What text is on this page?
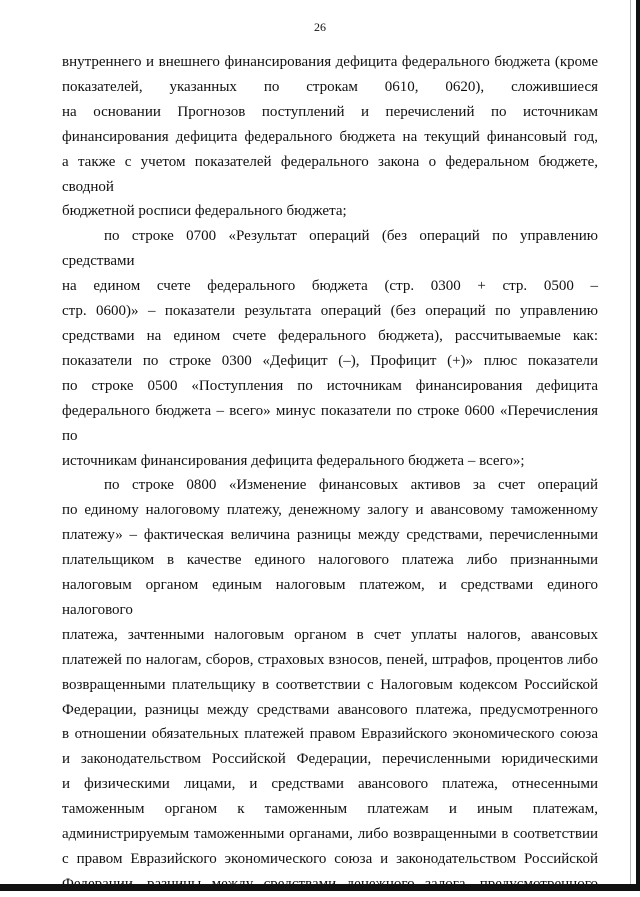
26
внутреннего и внешнего финансирования дефицита федерального бюджета (кроме
показателей, указанных по строкам 0610, 0620), сложившиеся
на основании Прогнозов поступлений и перечислений по источникам
финансирования дефицита федерального бюджета на текущий финансовый год,
а также с учетом показателей федерального закона о федеральном бюджете, сводной
бюджетной росписи федерального бюджета;
по строке 0700 «Результат операций (без операций по управлению средствами
на едином счете федерального бюджета (стр. 0300 + стр. 0500 –
стр. 0600)» – показатели результата операций (без операций по управлению
средствами на едином счете федерального бюджета), рассчитываемые как:
показатели по строке 0300 «Дефицит (–), Профицит (+)» плюс показатели
по строке 0500 «Поступления по источникам финансирования дефицита
федерального бюджета – всего» минус показатели по строке 0600 «Перечисления по
источникам финансирования дефицита федерального бюджета – всего»;
по строке 0800 «Изменение финансовых активов за счет операций
по единому налоговому платежу, денежному залогу и авансовому таможенному
платежу» – фактическая величина разницы между средствами, перечисленными
плательщиком в качестве единого налогового платежа либо признанными
налоговым органом единым налоговым платежом, и средствами единого налогового
платежа, зачтенными налоговым органом в счет уплаты налогов, авансовых
платежей по налогам, сборов, страховых взносов, пеней, штрафов, процентов либо
возвращенными плательщику в соответствии с Налоговым кодексом Российской
Федерации, разницы между средствами авансового платежа, предусмотренного
в отношении обязательных платежей правом Евразийского экономического союза
и законодательством Российской Федерации, перечисленными юридическими
и физическими лицами, и средствами авансового платежа, отнесенными
таможенным органом к таможенным платежам и иным платежам,
администрируемым таможенными органами, либо возвращенными в соответствии
с правом Евразийского экономического союза и законодательством Российской
